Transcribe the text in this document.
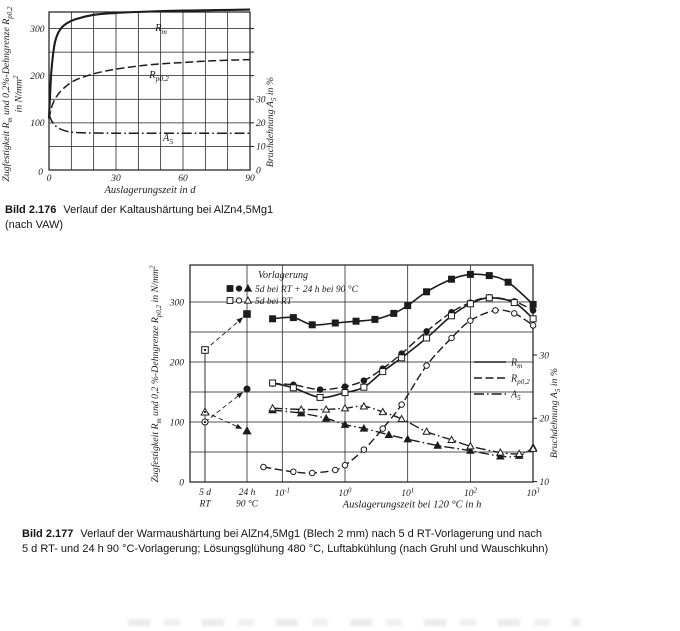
$R_m$
$R_{p0,2}$
$A_5$
0	30	60	90
100
200
300
0	0
10
20
30
Auslagerungszeit in d
Zugfestigkeit $R_m$ und 0,2%-Dehngrenze $R_{p0,2}$
in $N/mm^2$
Bruchdehnung $A_5$ in %
Bild 2.176 Verlauf der Kaltaushärtung bei AlZn4,5Mg1
(nach VAW)
0
100
200
300
10
20
30
$10^{-1}$	$10^0$	$10^1$	$10^2$	$10^3$
5 d
RT
24 h
90 °C	Auslagerungszeit bei 120 °C in h
Zugfestigkeit $R_m$ und 0,2 %-Dehngrenze $R_{p0,2}$ in $N/mm^2$
Bruchdehnung $A_5$ in %
Vorlagerung
5d bei RT + 24 h bei 90 °C
5d bei RT
$R_m$
$R_{p0,2}$
$A_5$
Bild 2.177 Verlauf der Warmaushärtung bei AlZn4,5Mg1 (Blech 2 mm) nach 5 d RT-Vorlagerung und nach
5 d RT- und 24 h 90 °C-Vorlagerung; Lösungsglühung 480 °C, Luftabkühlung (nach Gruhl und Wauschkuhn)
